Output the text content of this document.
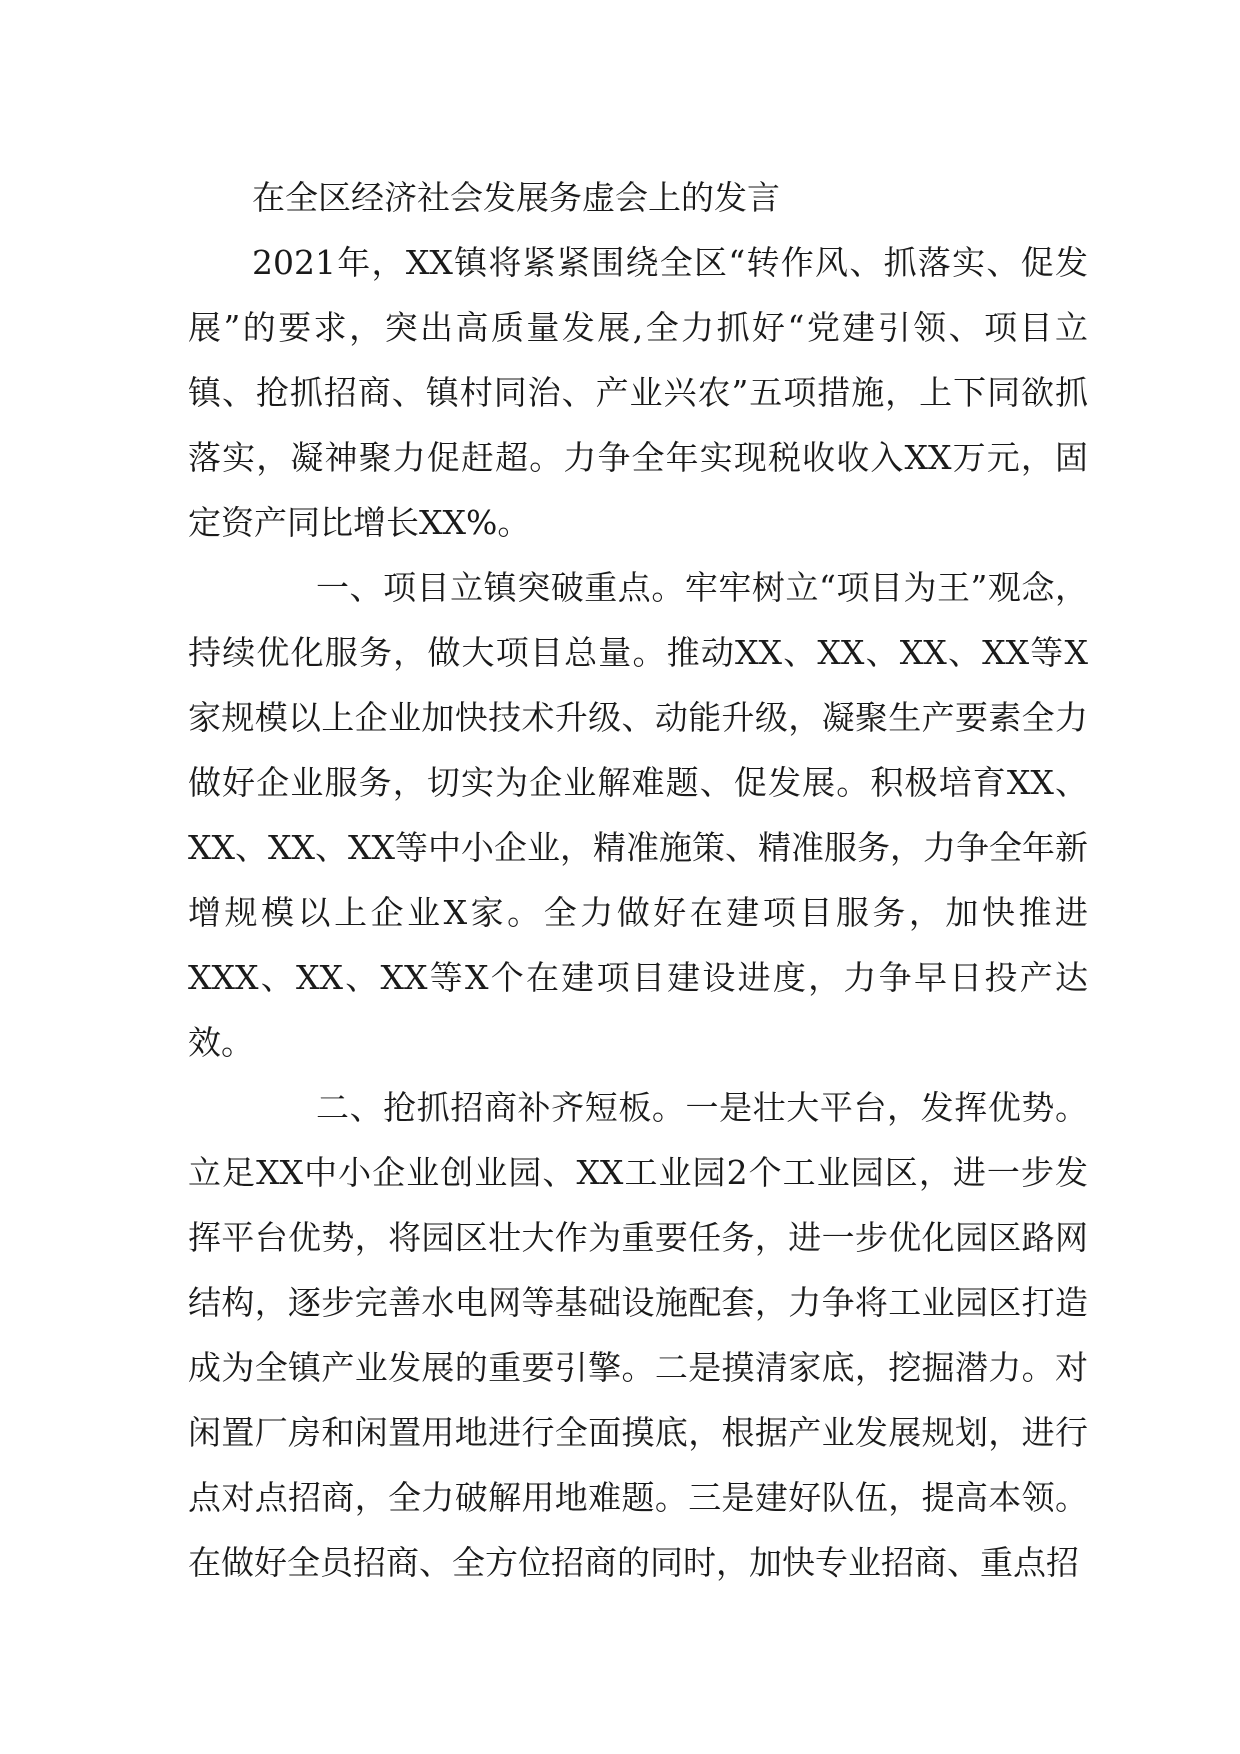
在全区经济社会发展务虚会上的发言

2021年，XX镇将紧紧围绕全区“转作风、抓落实、促发展”的要求，突出高质量发展,全力抓好“党建引领、项目立镇、抢抓招商、镇村同治、产业兴农”五项措施，上下同欲抓落实，凝神聚力促赶超。力争全年实现税收收入XX万元，固定资产同比增长XX%。

一、项目立镇突破重点。牢牢树立“项目为王”观念，持续优化服务，做大项目总量。推动XX、XX、XX、XX等X家规模以上企业加快技术升级、动能升级，凝聚生产要素全力做好企业服务，切实为企业解难题、促发展。积极培育XX、XX、XX、XX等中小企业，精准施策、精准服务，力争全年新增规模以上企业X家。全力做好在建项目服务，加快推进XXX、XX、XX等X个在建项目建设进度，力争早日投产达效。

二、抢抓招商补齐短板。一是壮大平台，发挥优势。立足XX中小企业创业园、XX工业园2个工业园区，进一步发挥平台优势，将园区壮大作为重要任务，进一步优化园区路网结构，逐步完善水电网等基础设施配套，力争将工业园区打造成为全镇产业发展的重要引擎。二是摸清家底，挖掘潜力。对闲置厂房和闲置用地进行全面摸底，根据产业发展规划，进行点对点招商，全力破解用地难题。三是建好队伍，提高本领。在做好全员招商、全方位招商的同时，加快专业招商、重点招
